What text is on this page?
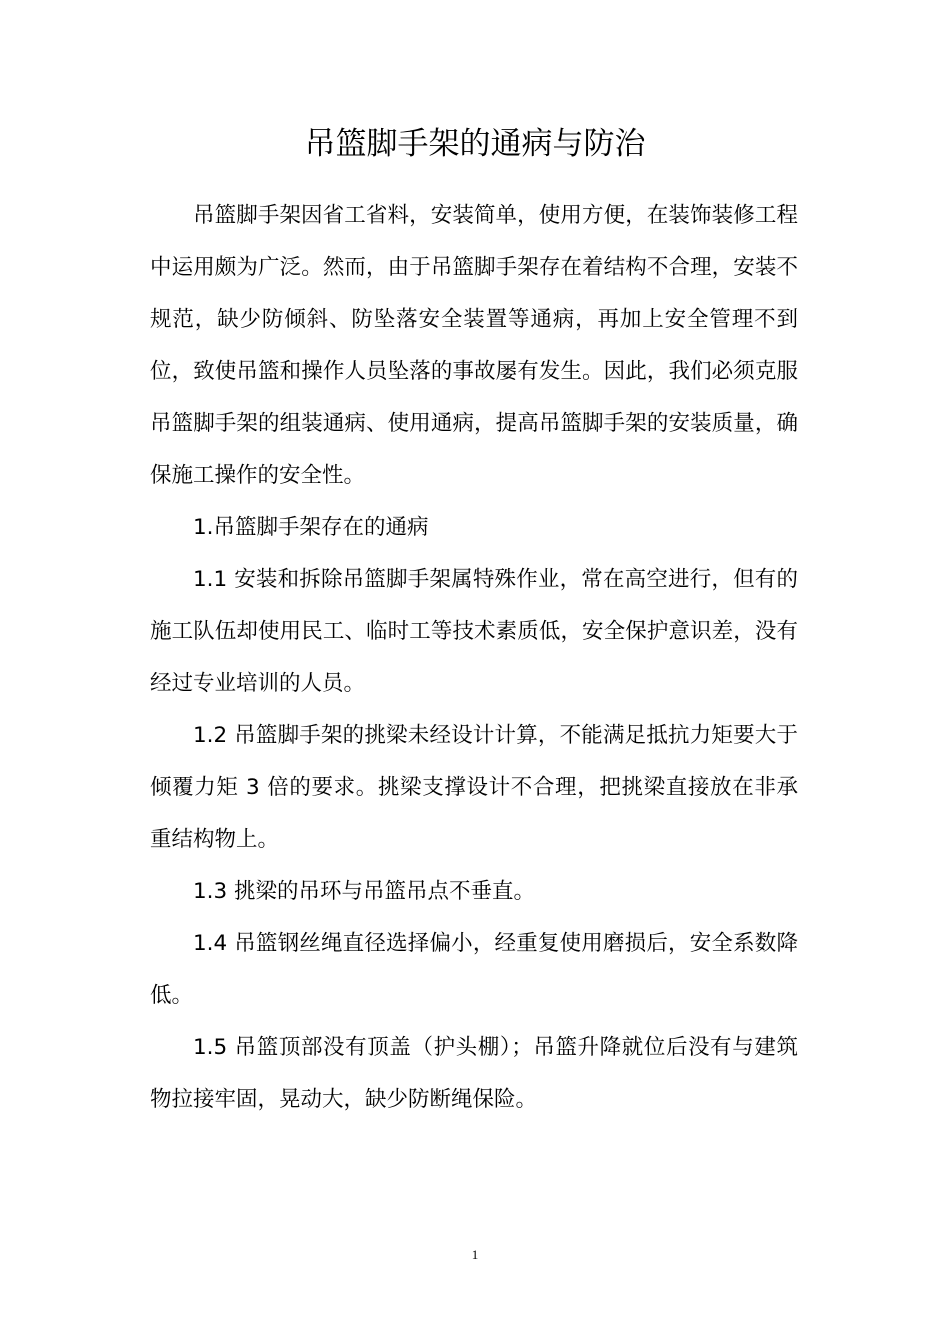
吊篮脚手架的通病与防治

吊篮脚手架因省工省料，安装简单，使用方便，在装饰装修工程中运用颇为广泛。然而，由于吊篮脚手架存在着结构不合理，安装不规范，缺少防倾斜、防坠落安全装置等通病，再加上安全管理不到位，致使吊篮和操作人员坠落的事故屡有发生。因此，我们必须克服吊篮脚手架的组装通病、使用通病，提高吊篮脚手架的安装质量，确保施工操作的安全性。

1.吊篮脚手架存在的通病

1.1 安装和拆除吊篮脚手架属特殊作业，常在高空进行，但有的施工队伍却使用民工、临时工等技术素质低，安全保护意识差，没有经过专业培训的人员。

1.2 吊篮脚手架的挑梁未经设计计算，不能满足抵抗力矩要大于倾覆力矩 3 倍的要求。挑梁支撑设计不合理，把挑梁直接放在非承重结构物上。

1.3 挑梁的吊环与吊篮吊点不垂直。

1.4 吊篮钢丝绳直径选择偏小，经重复使用磨损后，安全系数降低。

1.5 吊篮顶部没有顶盖（护头棚）；吊篮升降就位后没有与建筑物拉接牢固，晃动大，缺少防断绳保险。

1
